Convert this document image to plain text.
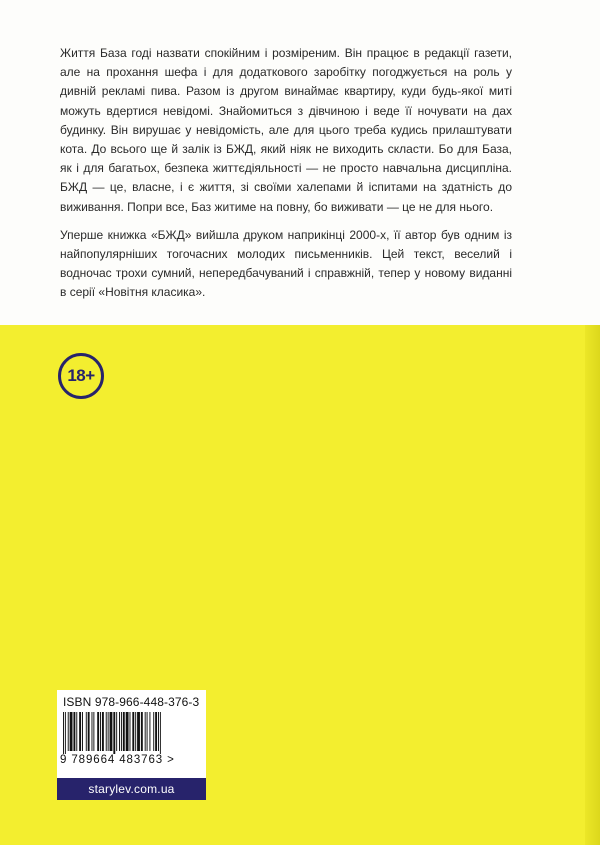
Життя База годі назвати спокійним і розміреним. Він працює в редакції газети, але на прохання шефа і для додаткового заробітку погоджується на роль у дивній рекламі пива. Разом із другом винаймає квартиру, куди будь-якої миті можуть вдертися невідомі. Знайомиться з дівчиною і веде її ночувати на дах будинку. Він вирушає у невідомість, але для цього треба кудись прилаштувати кота. До всього ще й залік із БЖД, який ніяк не виходить скласти. Бо для База, як і для багатьох, безпека життєдіяльності — не просто навчальна дисципліна. БЖД — це, власне, і є життя, зі своїми халепами й іспитами на здатність до виживання. Попри все, Баз житиме на повну, бо виживати — це не для нього.

Уперше книжка «БЖД» вийшла друком наприкінці 2000-х, її автор був одним із найпопулярніших тогочасних молодих письменників. Цей текст, веселий і водночас трохи сумний, непередбачуваний і справжній, тепер у новому виданні в серії «Новітня класика».

18+
ISBN 978-966-448-376-3
9 789664 483763 >
starylev.com.ua
